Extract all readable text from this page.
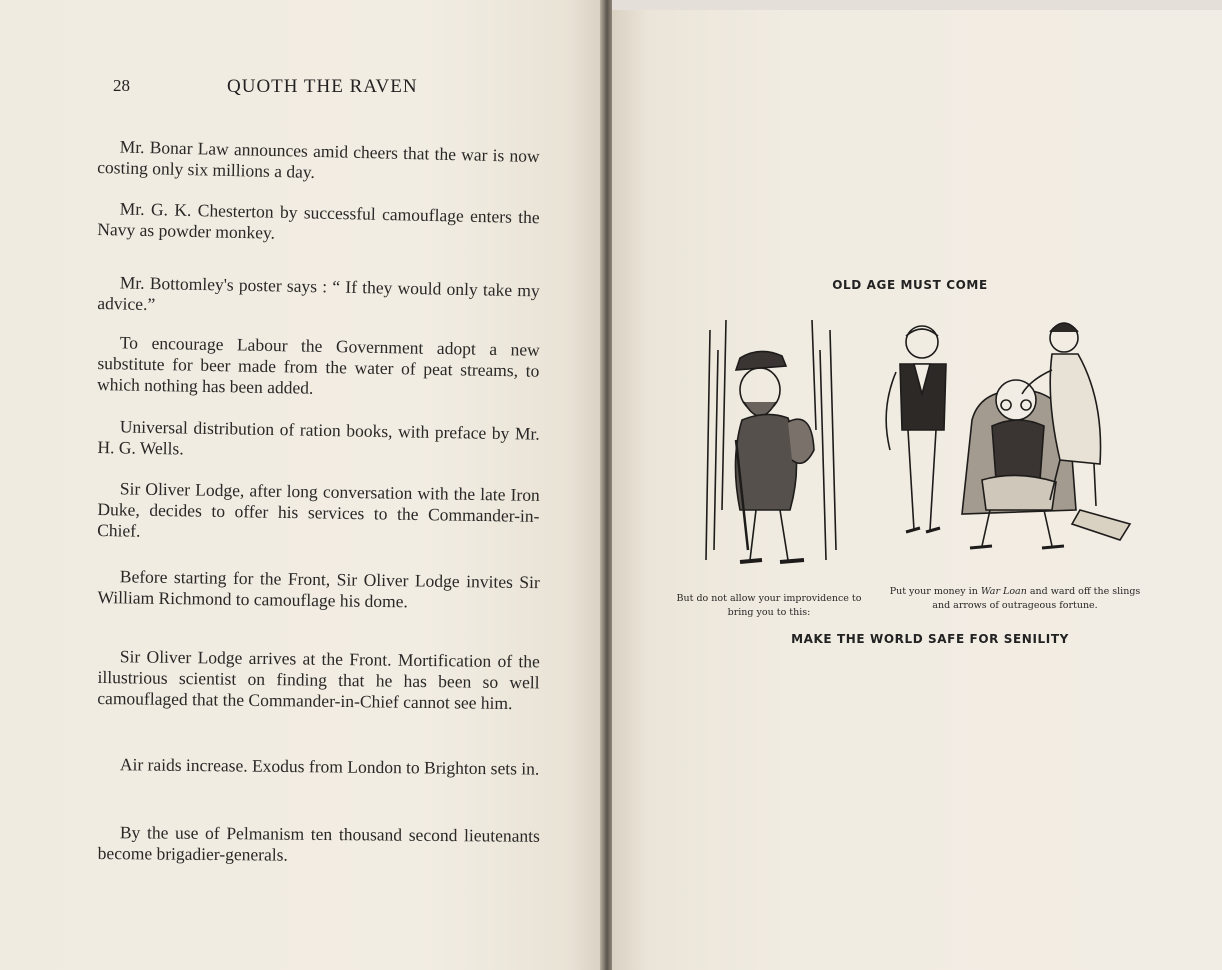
28	QUOTH THE RAVEN

Mr. Bonar Law announces amid cheers that the war is now costing only six millions a day.

Mr. G. K. Chesterton by successful camouflage enters the Navy as powder monkey.

Mr. Bottomley's poster says : “ If they would only take my advice.”

To encourage Labour the Government adopt a new substitute for beer made from the water of peat streams, to which nothing has been added.

Universal distribution of ration books, with preface by Mr. H. G. Wells.

Sir Oliver Lodge, after long conversation with the late Iron Duke, decides to offer his services to the Commander-in-Chief.

Before starting for the Front, Sir Oliver Lodge invites Sir William Richmond to camouflage his dome.

Sir Oliver Lodge arrives at the Front. Mortification of the illustrious scientist on finding that he has been so well camouflaged that the Commander-in-Chief cannot see him.

Air raids increase. Exodus from London to Brighton sets in.

By the use of Pelmanism ten thousand second lieutenants become brigadier-generals.

OLD AGE MUST COME
But do not allow your improvidence to bring you to this:
Put your money in War Loan and ward off the slings and arrows of outrageous fortune.
MAKE THE WORLD SAFE FOR SENILITY
